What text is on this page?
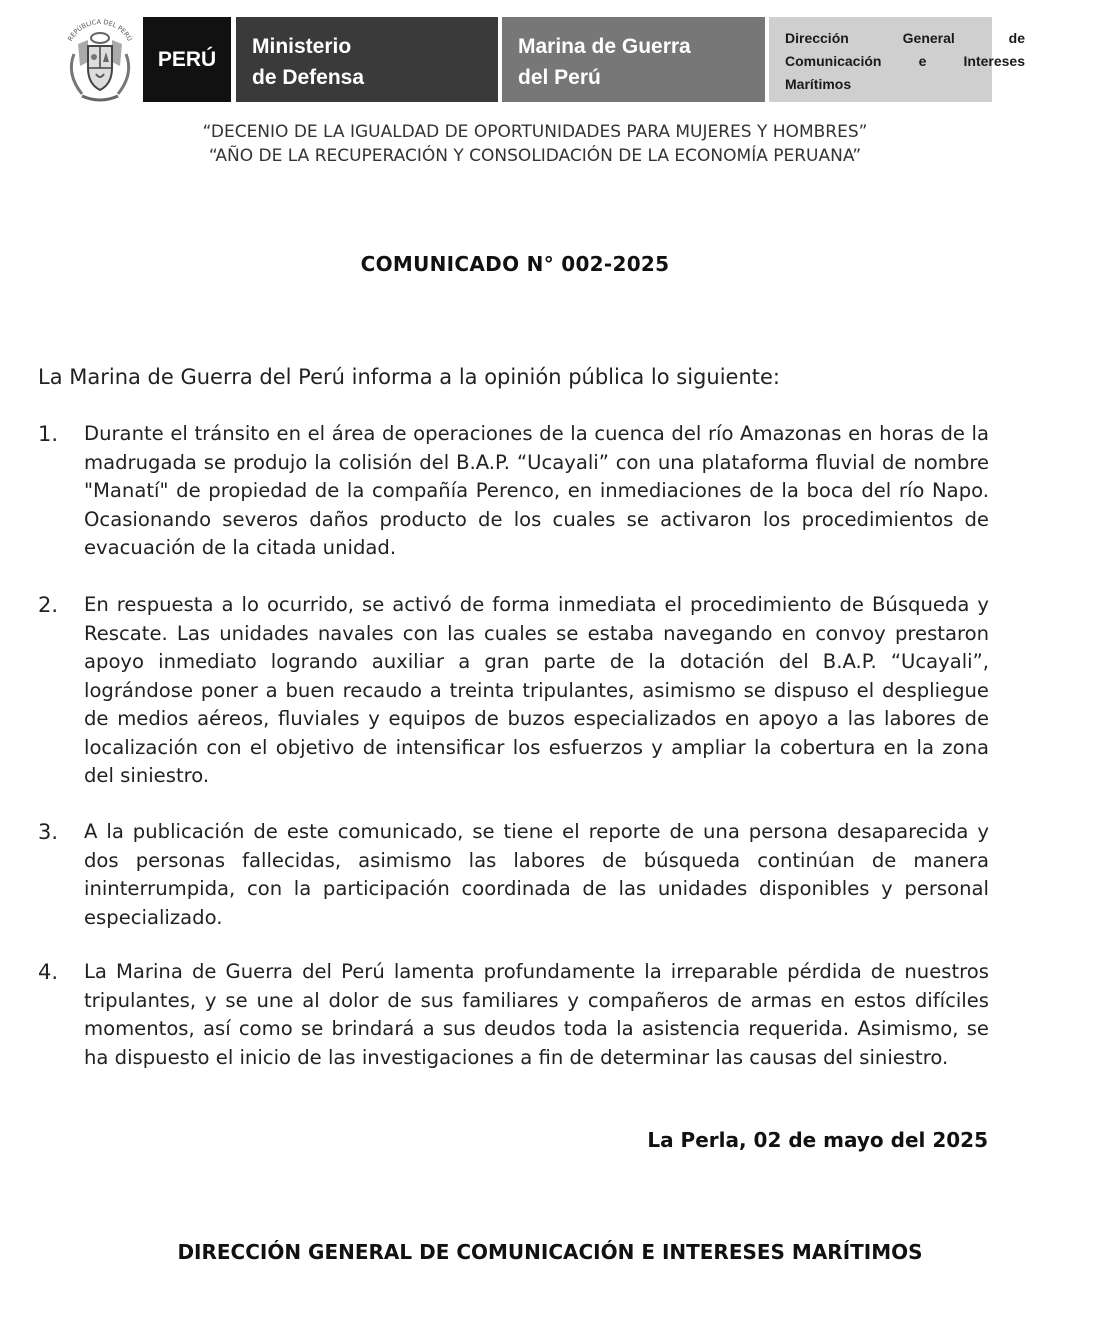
REPÚBLICA DEL PERÚ
PERÚ
Ministerio
de Defensa
Marina de Guerra
del Perú
Dirección General de
Comunicación e Intereses
Marítimos
“DECENIO DE LA IGUALDAD DE OPORTUNIDADES PARA MUJERES Y HOMBRES”
“AÑO DE LA RECUPERACIÓN Y CONSOLIDACIÓN DE LA ECONOMÍA PERUANA”
COMUNICADO N° 002-2025
La Marina de Guerra del Perú informa a la opinión pública lo siguiente:
1. Durante el tránsito en el área de operaciones de la cuenca del río Amazonas en horas de la madrugada se produjo la colisión del B.A.P. “Ucayali” con una plataforma fluvial de nombre "Manatí" de propiedad de la compañía Perenco, en inmediaciones de la boca del río Napo. Ocasionando severos daños producto de los cuales se activaron los procedimientos de evacuación de la citada unidad.
2. En respuesta a lo ocurrido, se activó de forma inmediata el procedimiento de Búsqueda y Rescate. Las unidades navales con las cuales se estaba navegando en convoy prestaron apoyo inmediato logrando auxiliar a gran parte de la dotación del B.A.P. “Ucayali”, lográndose poner a buen recaudo a treinta tripulantes, asimismo se dispuso el despliegue de medios aéreos, fluviales y equipos de buzos especializados en apoyo a las labores de localización con el objetivo de intensificar los esfuerzos y ampliar la cobertura en la zona del siniestro.
3. A la publicación de este comunicado, se tiene el reporte de una persona desaparecida y dos personas fallecidas, asimismo las labores de búsqueda continúan de manera ininterrumpida, con la participación coordinada de las unidades disponibles y personal especializado.
4. La Marina de Guerra del Perú lamenta profundamente la irreparable pérdida de nuestros tripulantes, y se une al dolor de sus familiares y compañeros de armas en estos difíciles momentos, así como se brindará a sus deudos toda la asistencia requerida. Asimismo, se ha dispuesto el inicio de las investigaciones a fin de determinar las causas del siniestro.
La Perla, 02 de mayo del 2025
DIRECCIÓN GENERAL DE COMUNICACIÓN E INTERESES MARÍTIMOS
